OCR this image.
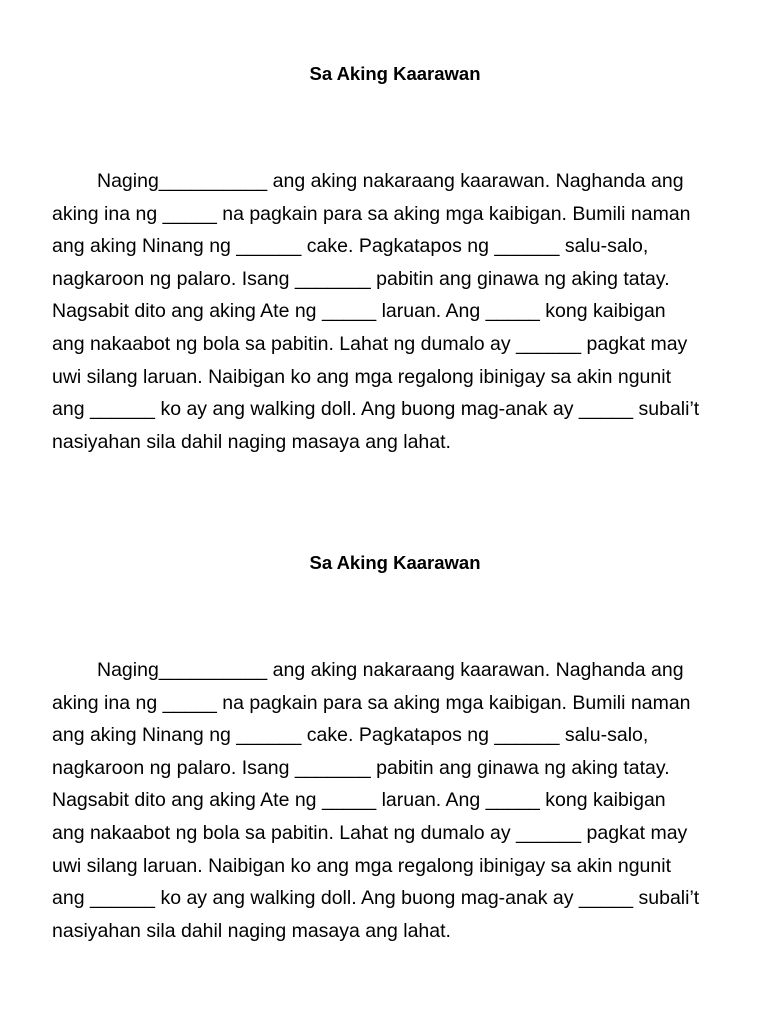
Sa Aking Kaarawan
Naging__________ ang aking nakaraang kaarawan. Naghanda ang
aking ina ng _____ na pagkain para sa aking mga kaibigan. Bumili naman
ang aking Ninang ng ______ cake. Pagkatapos ng ______ salu-salo,
nagkaroon ng palaro. Isang _______ pabitin ang ginawa ng aking tatay.
Nagsabit dito ang aking Ate ng _____ laruan. Ang _____ kong kaibigan
ang nakaabot ng bola sa pabitin. Lahat ng dumalo ay ______ pagkat may
uwi silang laruan. Naibigan ko ang mga regalong ibinigay sa akin ngunit
ang ______ ko ay ang walking doll. Ang buong mag-anak ay _____ subali’t
nasiyahan sila dahil naging masaya ang lahat.
Sa Aking Kaarawan
Naging__________ ang aking nakaraang kaarawan. Naghanda ang
aking ina ng _____ na pagkain para sa aking mga kaibigan. Bumili naman
ang aking Ninang ng ______ cake. Pagkatapos ng ______ salu-salo,
nagkaroon ng palaro. Isang _______ pabitin ang ginawa ng aking tatay.
Nagsabit dito ang aking Ate ng _____ laruan. Ang _____ kong kaibigan
ang nakaabot ng bola sa pabitin. Lahat ng dumalo ay ______ pagkat may
uwi silang laruan. Naibigan ko ang mga regalong ibinigay sa akin ngunit
ang ______ ko ay ang walking doll. Ang buong mag-anak ay _____ subali’t
nasiyahan sila dahil naging masaya ang lahat.
